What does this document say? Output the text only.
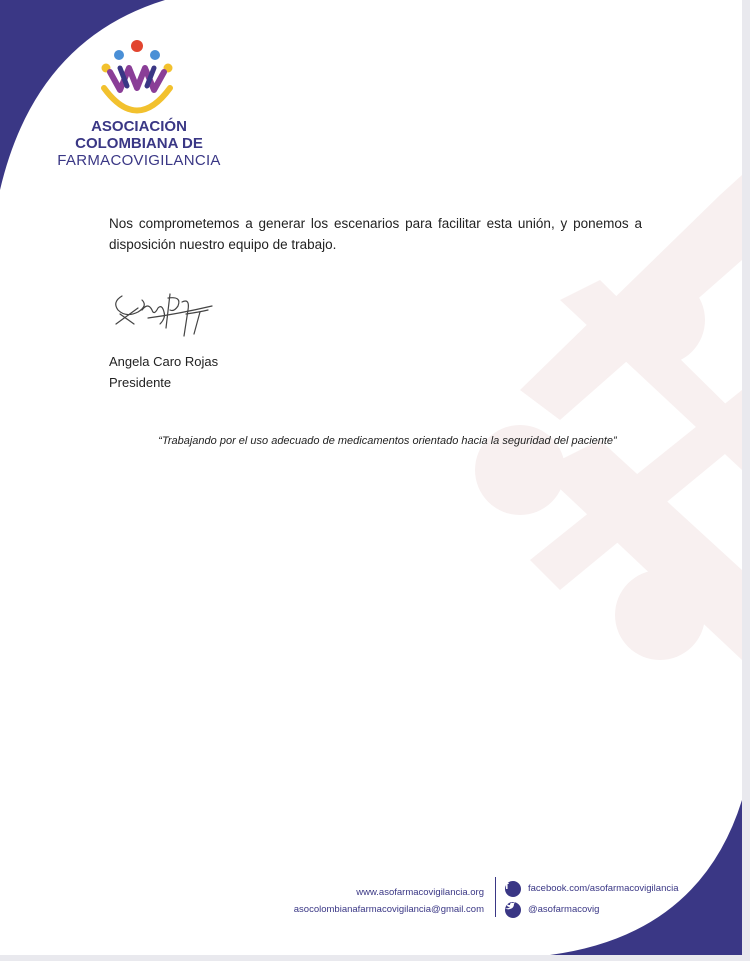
ASOCIACIÓN
COLOMBIANA DE
FARMACOVIGILANCIA

Nos comprometemos a generar los escenarios para facilitar esta unión, y ponemos a disposición nuestro equipo de trabajo.

Angela Caro Rojas
Presidente
“Trabajando por el uso adecuado de medicamentos orientado hacia la seguridad del paciente”
www.asofarmacovigilancia.org
asocolombianafarmacovigilancia@gmail.com
f	facebook.com/asofarmacovigilancia
@asofarmacovig
